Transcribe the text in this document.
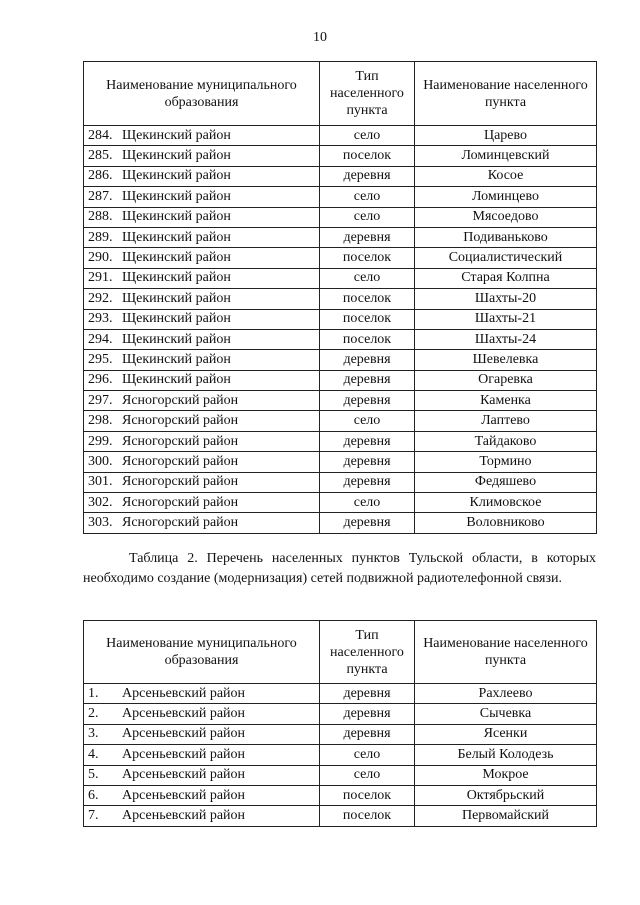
10
Наименование муниципального образования	Тип населенного пункта	Наименование населенного пункта
284. Щекинский район	село	Царево
285. Щекинский район	поселок	Ломинцевский
286. Щекинский район	деревня	Косое
287. Щекинский район	село	Ломинцево
288. Щекинский район	село	Мясоедово
289. Щекинский район	деревня	Подиваньково
290. Щекинский район	поселок	Социалистический
291. Щекинский район	село	Старая Колпна
292. Щекинский район	поселок	Шахты-20
293. Щекинский район	поселок	Шахты-21
294. Щекинский район	поселок	Шахты-24
295. Щекинский район	деревня	Шевелевка
296. Щекинский район	деревня	Огаревка
297. Ясногорский район	деревня	Каменка
298. Ясногорский район	село	Лаптево
299. Ясногорский район	деревня	Тайдаково
300. Ясногорский район	деревня	Тормино
301. Ясногорский район	деревня	Федяшево
302. Ясногорский район	село	Климовское
303. Ясногорский район	деревня	Воловниково
Таблица 2. Перечень населенных пунктов Тульской области, в которых необходимо создание (модернизация) сетей подвижной радиотелефонной связи.
Наименование муниципального образования	Тип населенного пункта	Наименование населенного пункта
1. Арсеньевский район	деревня	Рахлеево
2. Арсеньевский район	деревня	Сычевка
3. Арсеньевский район	деревня	Ясенки
4. Арсеньевский район	село	Белый Колодезь
5. Арсеньевский район	село	Мокрое
6. Арсеньевский район	поселок	Октябрьский
7. Арсеньевский район	поселок	Первомайский
